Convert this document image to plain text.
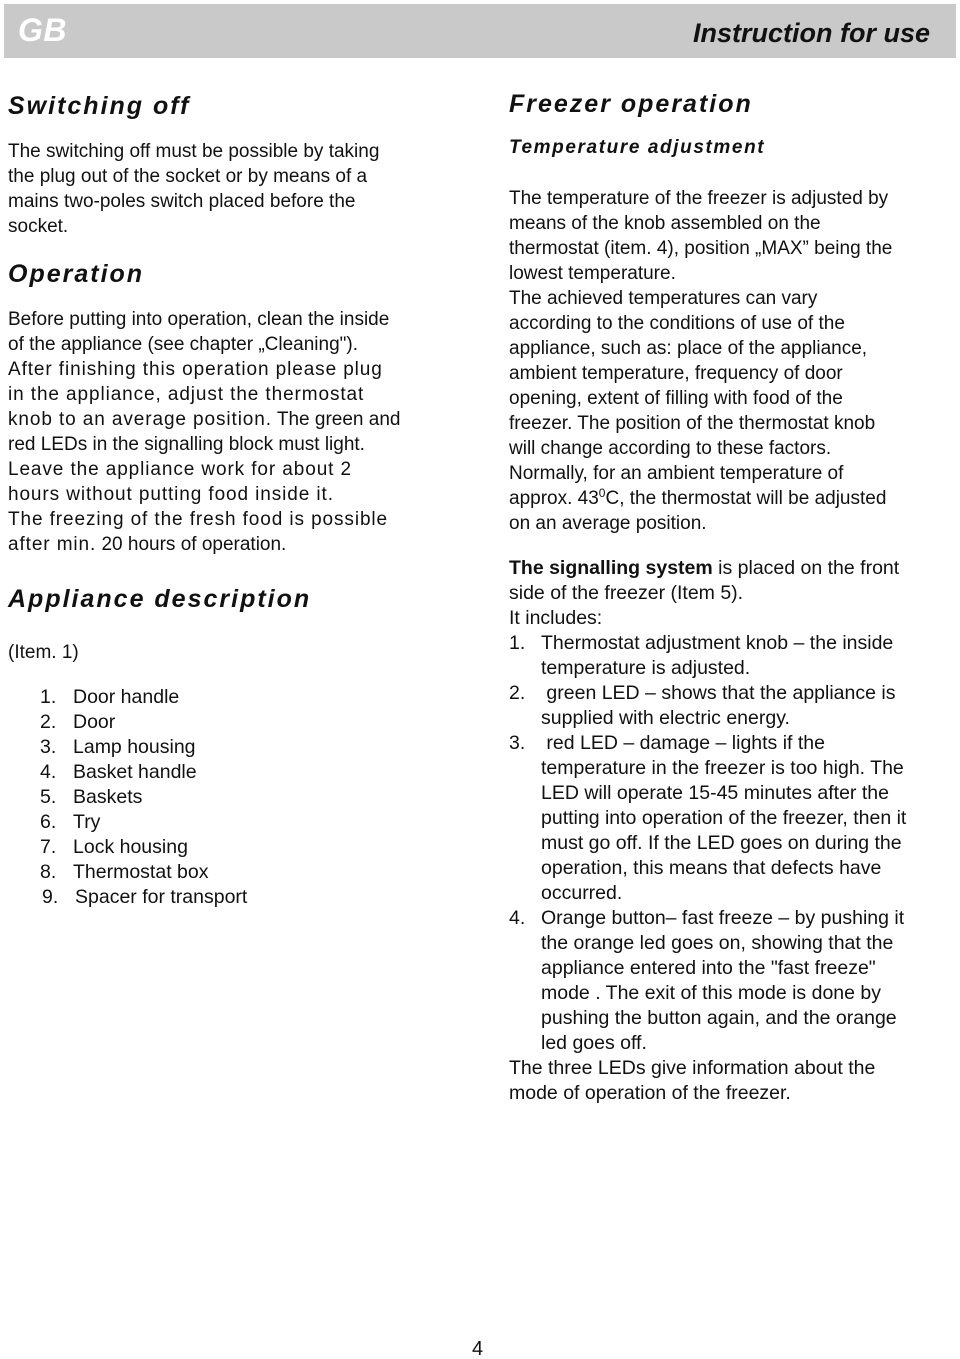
GB	Instruction for use
Switching off
The switching off must be possible by taking
the plug out of the socket or by means of a
mains two-poles switch placed before the
socket.
Operation
Before putting into operation, clean the inside
of the appliance (see chapter „Cleaning").
After finishing this operation please plug
in the appliance, adjust the thermostat
knob to an average position. The green and
red LEDs in the signalling block must light.
Leave the appliance work for about 2
hours without putting food inside it.
The freezing of the fresh food is possible
after min. 20 hours of operation.
Appliance description
(Item. 1)
1. Door handle
2. Door
3. Lamp housing
4. Basket handle
5. Baskets
6. Try
7. Lock housing
8. Thermostat box
9. Spacer for transport
Freezer operation
Temperature adjustment
The temperature of the freezer is adjusted by
means of the knob assembled on the
thermostat (item. 4), position „MAX” being the
lowest temperature.
The achieved temperatures can vary
according to the conditions of use of the
appliance, such as: place of the appliance,
ambient temperature, frequency of door
opening, extent of filling with food of the
freezer. The position of the thermostat knob
will change according to these factors.
Normally, for an ambient temperature of
approx. $43^0C$, the thermostat will be adjusted
on an average position.
The signalling system is placed on the front
side of the freezer (Item 5).
It includes:
1. Thermostat adjustment knob – the inside
temperature is adjusted.
2. green LED – shows that the appliance is
supplied with electric energy.
3. red LED – damage – lights if the
temperature in the freezer is too high. The
LED will operate 15-45 minutes after the
putting into operation of the freezer, then it
must go off. If the LED goes on during the
operation, this means that defects have
occurred.
4. Orange button– fast freeze – by pushing it
the orange led goes on, showing that the
appliance entered into the "fast freeze"
mode . The exit of this mode is done by
pushing the button again, and the orange
led goes off.
The three LEDs give information about the
mode of operation of the freezer.
4
